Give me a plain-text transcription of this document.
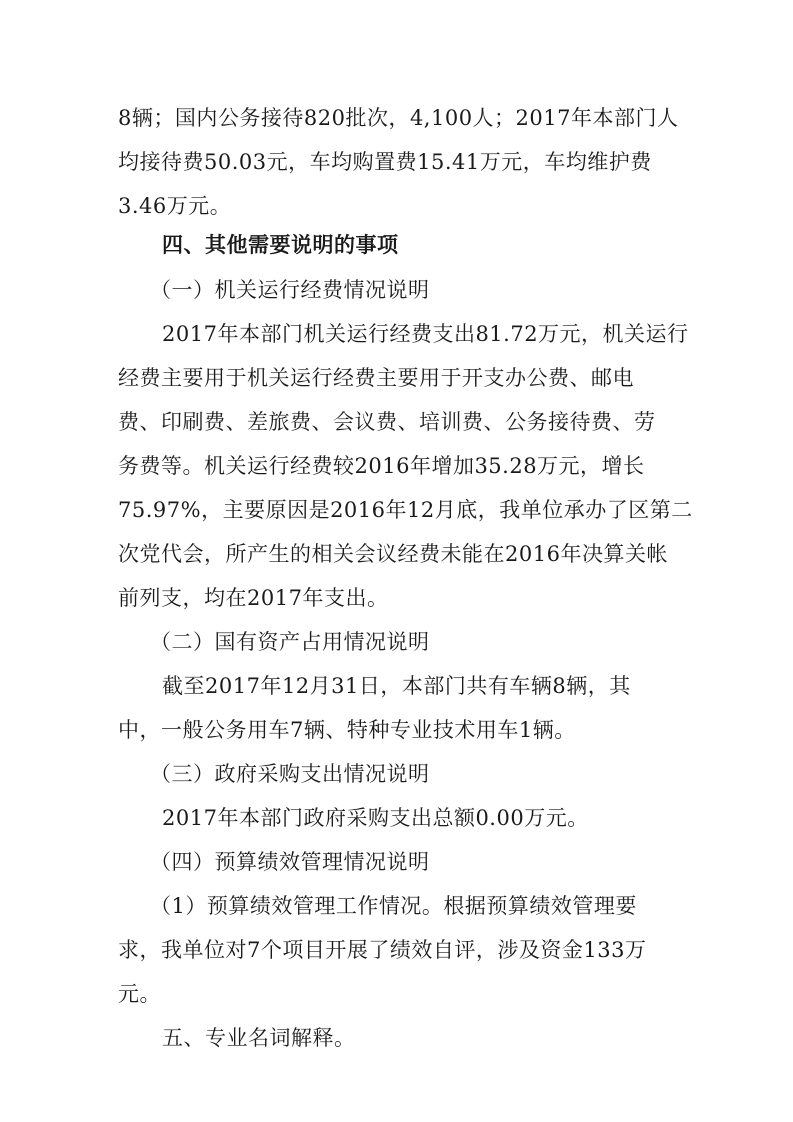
8辆；国内公务接待820批次，4,100人；2017年本部门人
均接待费50.03元，车均购置费15.41万元，车均维护费
3.46万元。
四、其他需要说明的事项
（一）机关运行经费情况说明
2017年本部门机关运行经费支出81.72万元，机关运行
经费主要用于机关运行经费主要用于开支办公费、邮电
费、印刷费、差旅费、会议费、培训费、公务接待费、劳
务费等。机关运行经费较2016年增加35.28万元，增长
75.97%，主要原因是2016年12月底，我单位承办了区第二
次党代会，所产生的相关会议经费未能在2016年决算关帐
前列支，均在2017年支出。
（二）国有资产占用情况说明
截至2017年12月31日，本部门共有车辆8辆，其
中，一般公务用车7辆、特种专业技术用车1辆。
（三）政府采购支出情况说明
2017年本部门政府采购支出总额0.00万元。
（四）预算绩效管理情况说明
（1）预算绩效管理工作情况。根据预算绩效管理要
求，我单位对7个项目开展了绩效自评，涉及资金133万
元。
五、专业名词解释。
